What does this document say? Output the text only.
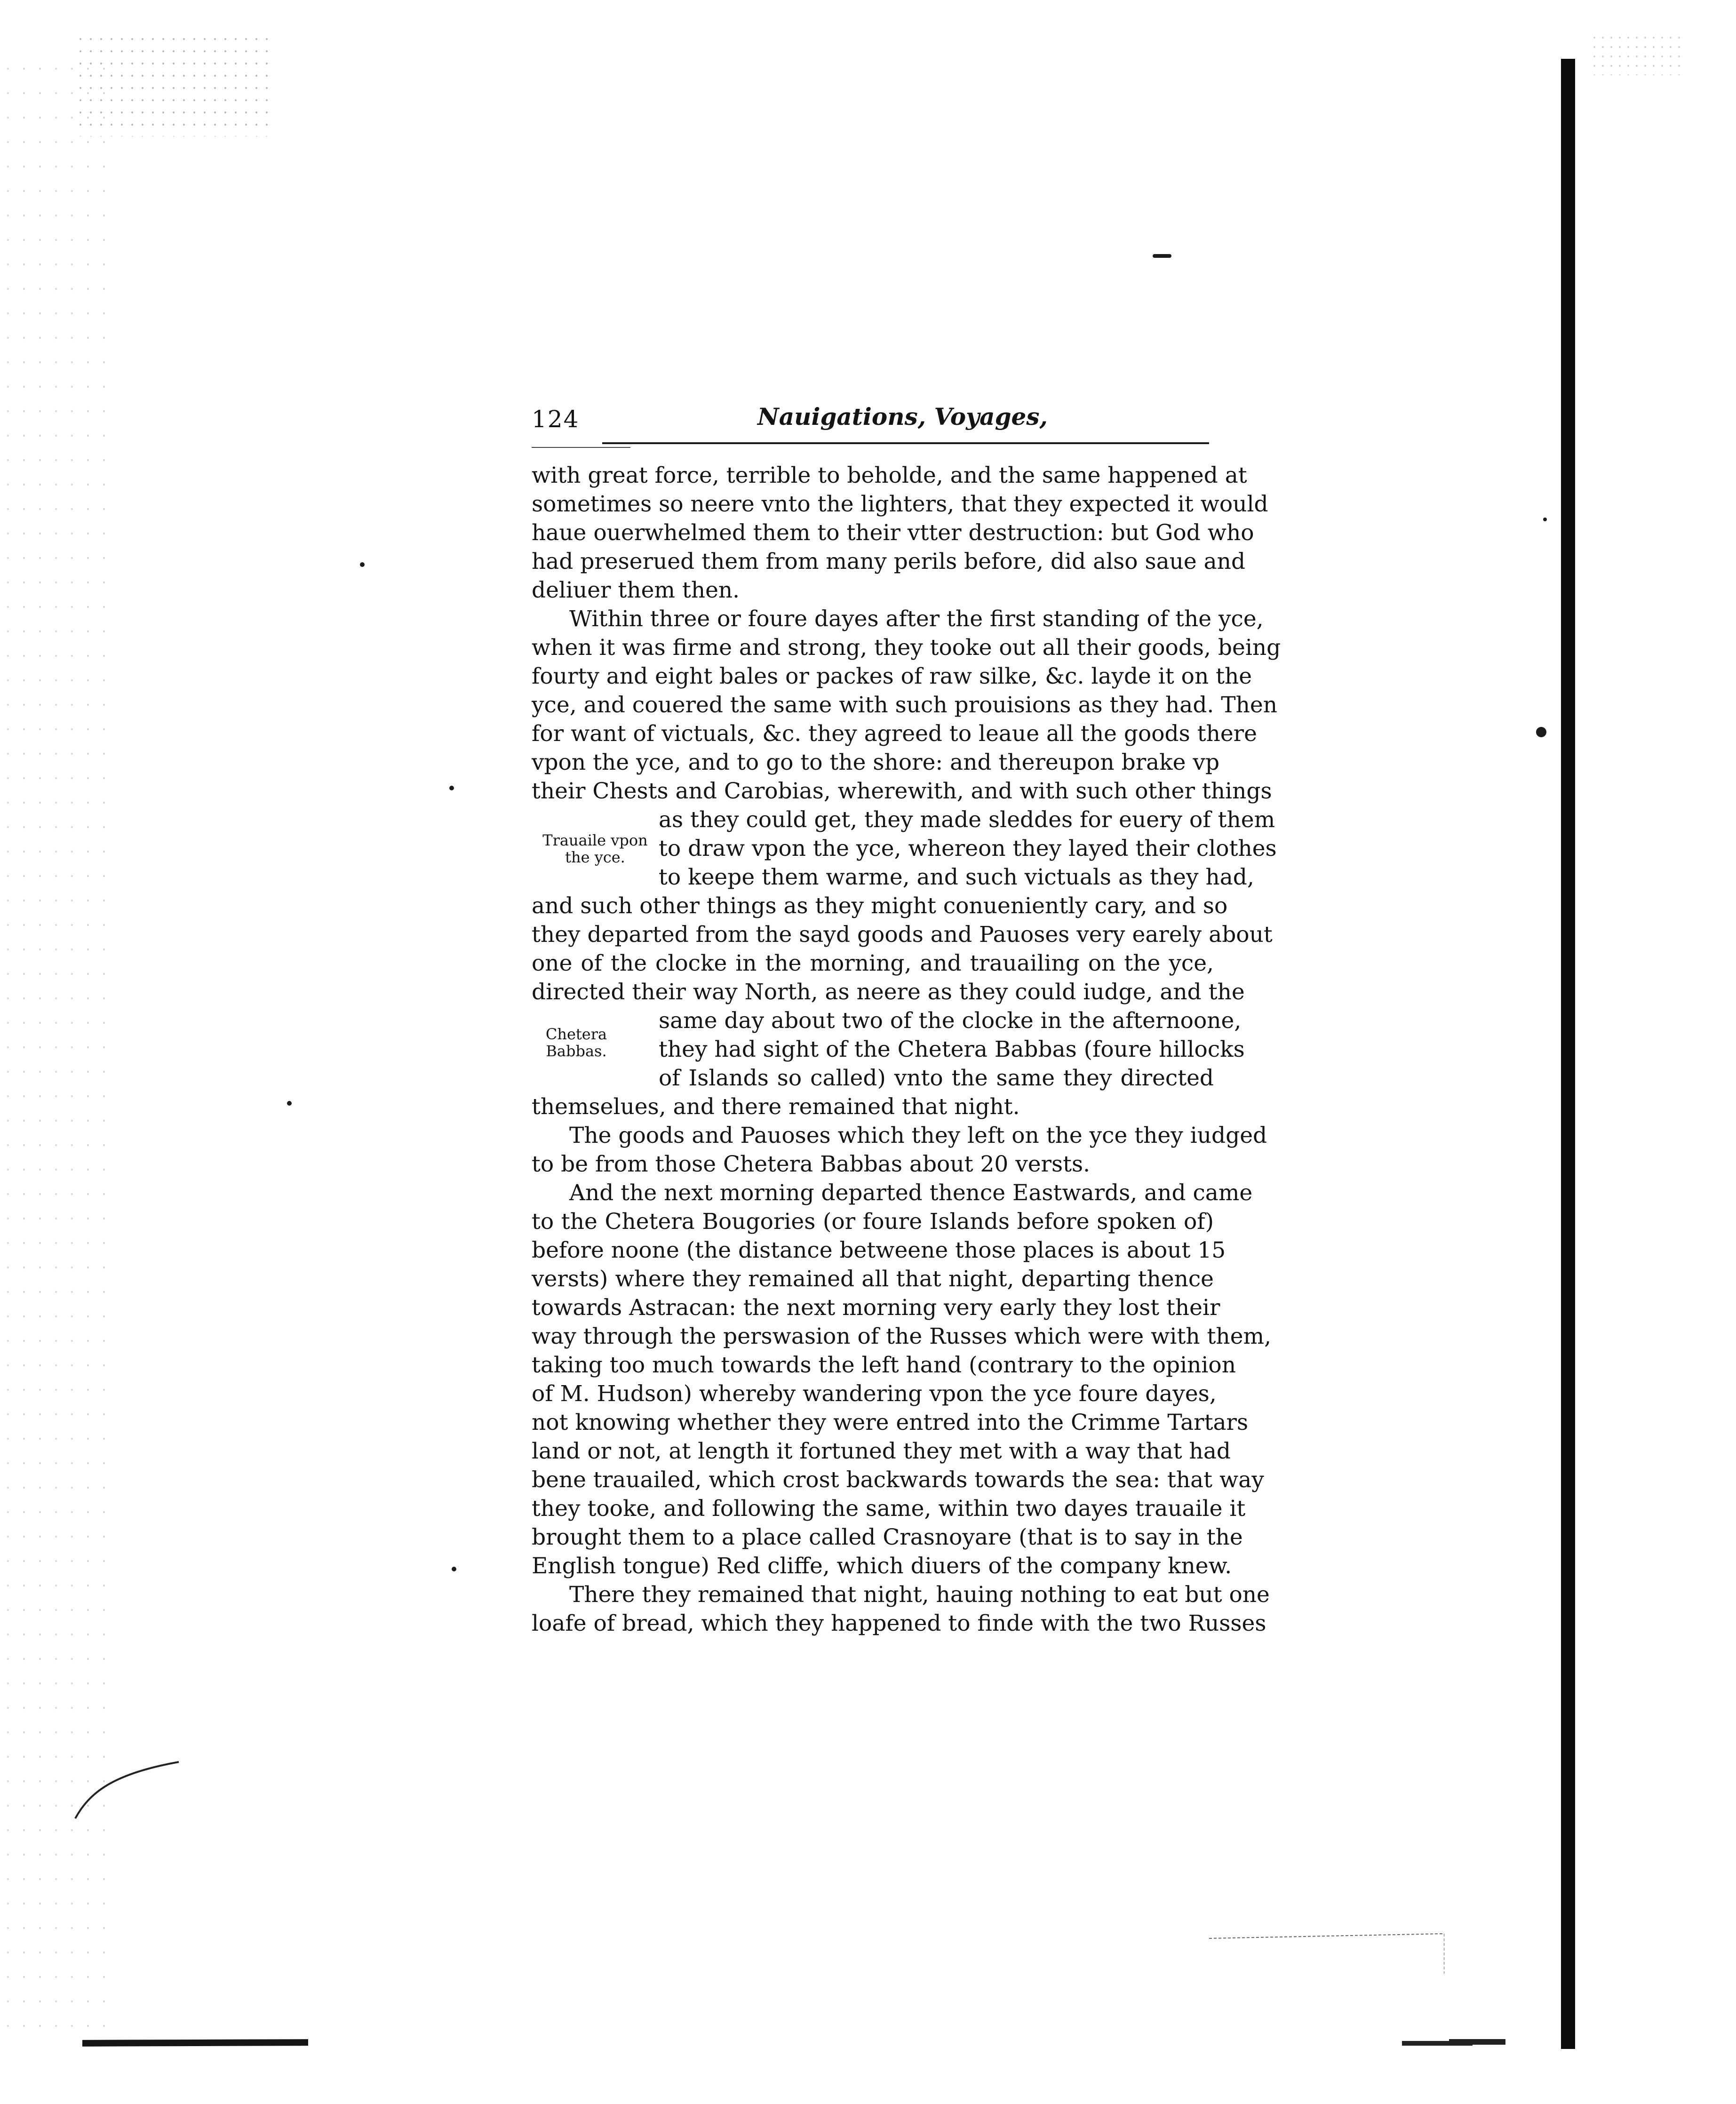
124	Nauigations, Voyages,
Trauaile vpon the yce.
Chetera Babbas.
with great force, terrible to beholde, and the same happened at
sometimes so neere vnto the lighters, that they expected it would
haue ouerwhelmed them to their vtter destruction: but God who
had preserued them from many perils before, did also saue and
deliuer them then.
Within three or foure dayes after the first standing of the yce,
when it was firme and strong, they tooke out all their goods, being
fourty and eight bales or packes of raw silke, &c. layde it on the
yce, and couered the same with such prouisions as they had. Then
for want of victuals, &c. they agreed to leaue all the goods there
vpon the yce, and to go to the shore: and thereupon brake vp
their Chests and Carobias, wherewith, and with such other things
as they could get, they made sleddes for euery of them
to draw vpon the yce, whereon they layed their clothes
to keepe them warme, and such victuals as they had,
and such other things as they might conueniently cary, and so
they departed from the sayd goods and Pauoses very earely about
one of the clocke in the morning, and trauailing on the yce,
directed their way North, as neere as they could iudge, and the
same day about two of the clocke in the afternoone,
they had sight of the Chetera Babbas (foure hillocks
of Islands so called) vnto the same they directed
themselues, and there remained that night.
The goods and Pauoses which they left on the yce they iudged
to be from those Chetera Babbas about 20 versts.
And the next morning departed thence Eastwards, and came
to the Chetera Bougories (or foure Islands before spoken of)
before noone (the distance betweene those places is about 15
versts) where they remained all that night, departing thence
towards Astracan: the next morning very early they lost their
way through the perswasion of the Russes which were with them,
taking too much towards the left hand (contrary to the opinion
of M. Hudson) whereby wandering vpon the yce foure dayes,
not knowing whether they were entred into the Crimme Tartars
land or not, at length it fortuned they met with a way that had
bene trauailed, which crost backwards towards the sea: that way
they tooke, and following the same, within two dayes trauaile it
brought them to a place called Crasnoyare (that is to say in the
English tongue) Red cliffe, which diuers of the company knew.
There they remained that night, hauing nothing to eat but one
loafe of bread, which they happened to finde with the two Russes
